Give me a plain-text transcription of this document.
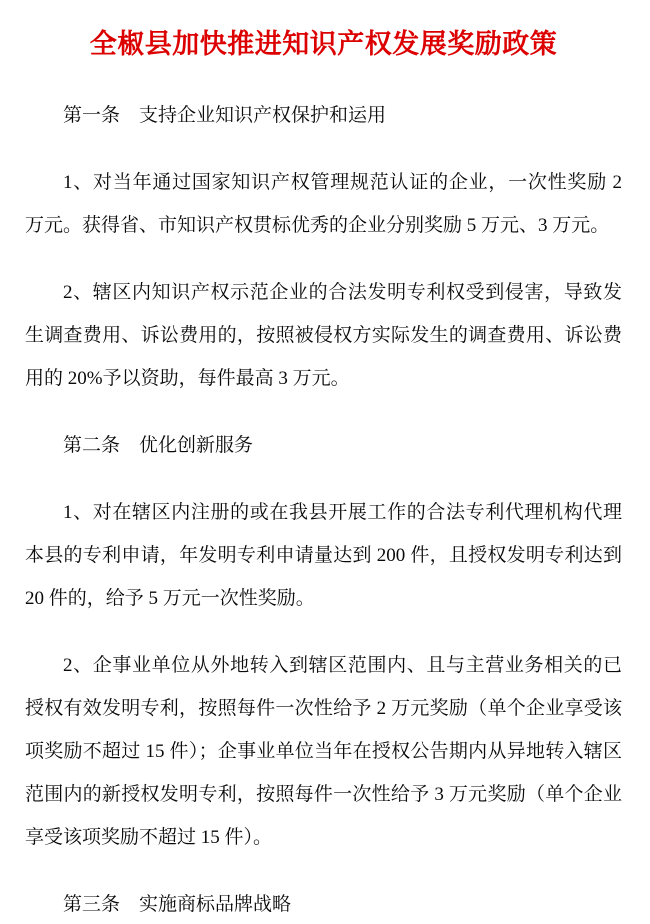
全椒县加快推进知识产权发展奖励政策

第一条　支持企业知识产权保护和运用

1、对当年通过国家知识产权管理规范认证的企业，一次性奖励 2 万元。获得省、市知识产权贯标优秀的企业分别奖励 5 万元、3 万元。

2、辖区内知识产权示范企业的合法发明专利权受到侵害，导致发生调查费用、诉讼费用的，按照被侵权方实际发生的调查费用、诉讼费用的 20%予以资助，每件最高 3 万元。

第二条　优化创新服务

1、对在辖区内注册的或在我县开展工作的合法专利代理机构代理本县的专利申请，年发明专利申请量达到 200 件，且授权发明专利达到 20 件的，给予 5 万元一次性奖励。

2、企事业单位从外地转入到辖区范围内、且与主营业务相关的已授权有效发明专利，按照每件一次性给予 2 万元奖励（单个企业享受该项奖励不超过 15 件）；企事业单位当年在授权公告期内从异地转入辖区范围内的新授权发明专利，按照每件一次性给予 3 万元奖励（单个企业享受该项奖励不超过 15 件）。

第三条　实施商标品牌战略
